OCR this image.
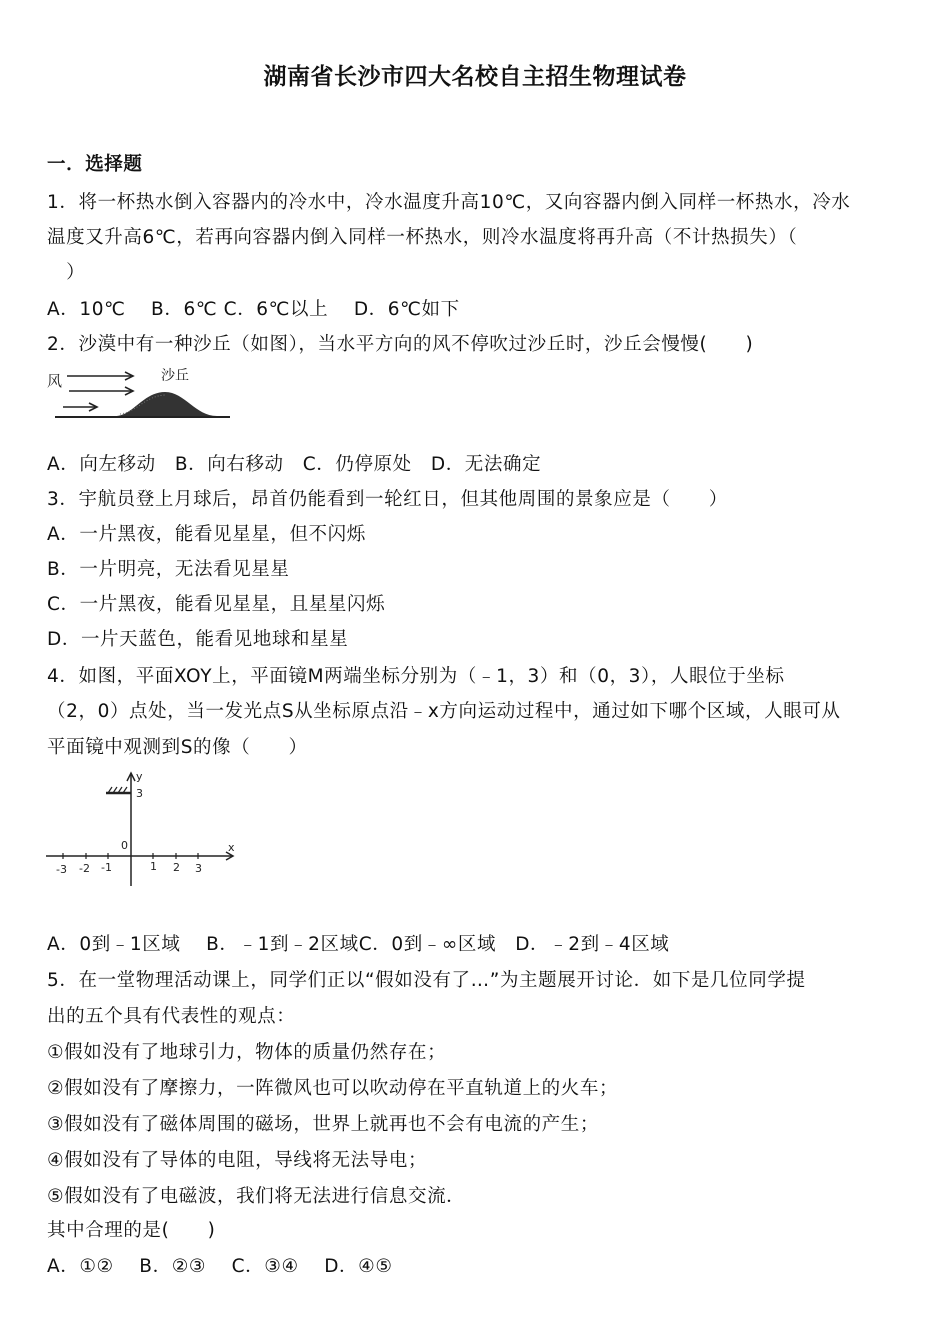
湖南省长沙市四大名校自主招生物理试卷
一．选择题
1．将一杯热水倒入容器内的冷水中，冷水温度升高10℃，又向容器内倒入同样一杯热水，冷水
温度又升高6℃，若再向容器内倒入同样一杯热水，则冷水温度将再升高（不计热损失）（
　）
A．10℃　 B．6℃ C．6℃以上　 D．6℃如下
2．沙漠中有一种沙丘（如图），当水平方向的风不停吹过沙丘时，沙丘会慢慢(　　)
风	沙丘
A．向左移动　B．向右移动　C．仍停原处　D．无法确定
3．宇航员登上月球后，昂首仍能看到一轮红日，但其他周围的景象应是（　　）
A．一片黑夜，能看见星星，但不闪烁
B．一片明亮，无法看见星星
C．一片黑夜，能看见星星，且星星闪烁
D．一片天蓝色，能看见地球和星星
4．如图，平面XOY上，平面镜M两端坐标分别为（﹣1，3）和（0，3），人眼位于坐标
（2，0）点处，当一发光点S从坐标原点沿﹣x方向运动过程中，通过如下哪个区域，人眼可从
平面镜中观测到S的像（　　）
y
x
3
0
-3 -2 -1	1 2 3
A．0到﹣1区域　 B．﹣1到﹣2区域C．0到﹣∞区域　D．﹣2到﹣4区域
5．在一堂物理活动课上，同学们正以“假如没有了…”为主题展开讨论．如下是几位同学提
出的五个具有代表性的观点：
①假如没有了地球引力，物体的质量仍然存在；
②假如没有了摩擦力，一阵微风也可以吹动停在平直轨道上的火车；
③假如没有了磁体周围的磁场，世界上就再也不会有电流的产生；
④假如没有了导体的电阻，导线将无法导电；
⑤假如没有了电磁波，我们将无法进行信息交流．
其中合理的是(　　)
A．①②　 B．②③　 C．③④　 D．④⑤
